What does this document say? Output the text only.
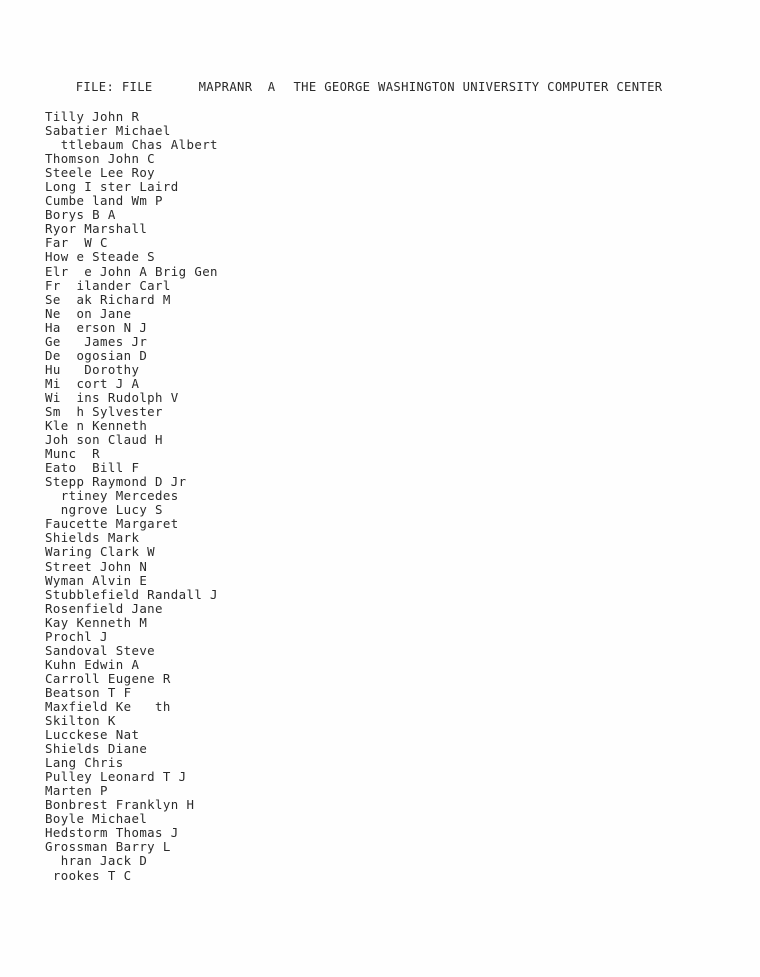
FILE: FILE	MAPRANR  A THE GEORGE WASHINGTON UNIVERSITY COMPUTER CENTER

Tilly John R
Sabatier Michael
ttlebaum Chas Albert
Thomson John C
Steele Lee Roy
Long I ster Laird
Cumbe land Wm P
Borys B A
Ryor Marshall
Far  W C
How e Steade S
Elr  e John A Brig Gen
Fr  ilander Carl
Se  ak Richard M
Ne  on Jane
Ha  erson N J
Ge   James Jr
De  ogosian D
Hu   Dorothy
Mi  cort J A
Wi  ins Rudolph V
Sm  h Sylvester
Kle n Kenneth
Joh son Claud H
Munc  R
Eato  Bill F
Stepp Raymond D Jr
rtiney Mercedes
ngrove Lucy S
Faucette Margaret
Shields Mark
Waring Clark W
Street John N
Wyman Alvin E
Stubblefield Randall J
Rosenfield Jane
Kay Kenneth M
Prochl J
Sandoval Steve
Kuhn Edwin A
Carroll Eugene R
Beatson T F
Maxfield Ke   th
Skilton K
Lucckese Nat
Shields Diane
Lang Chris
Pulley Leonard T J
Marten P
Bonbrest Franklyn H
Boyle Michael
Hedstorm Thomas J
Grossman Barry L
hran Jack D
rookes T C
